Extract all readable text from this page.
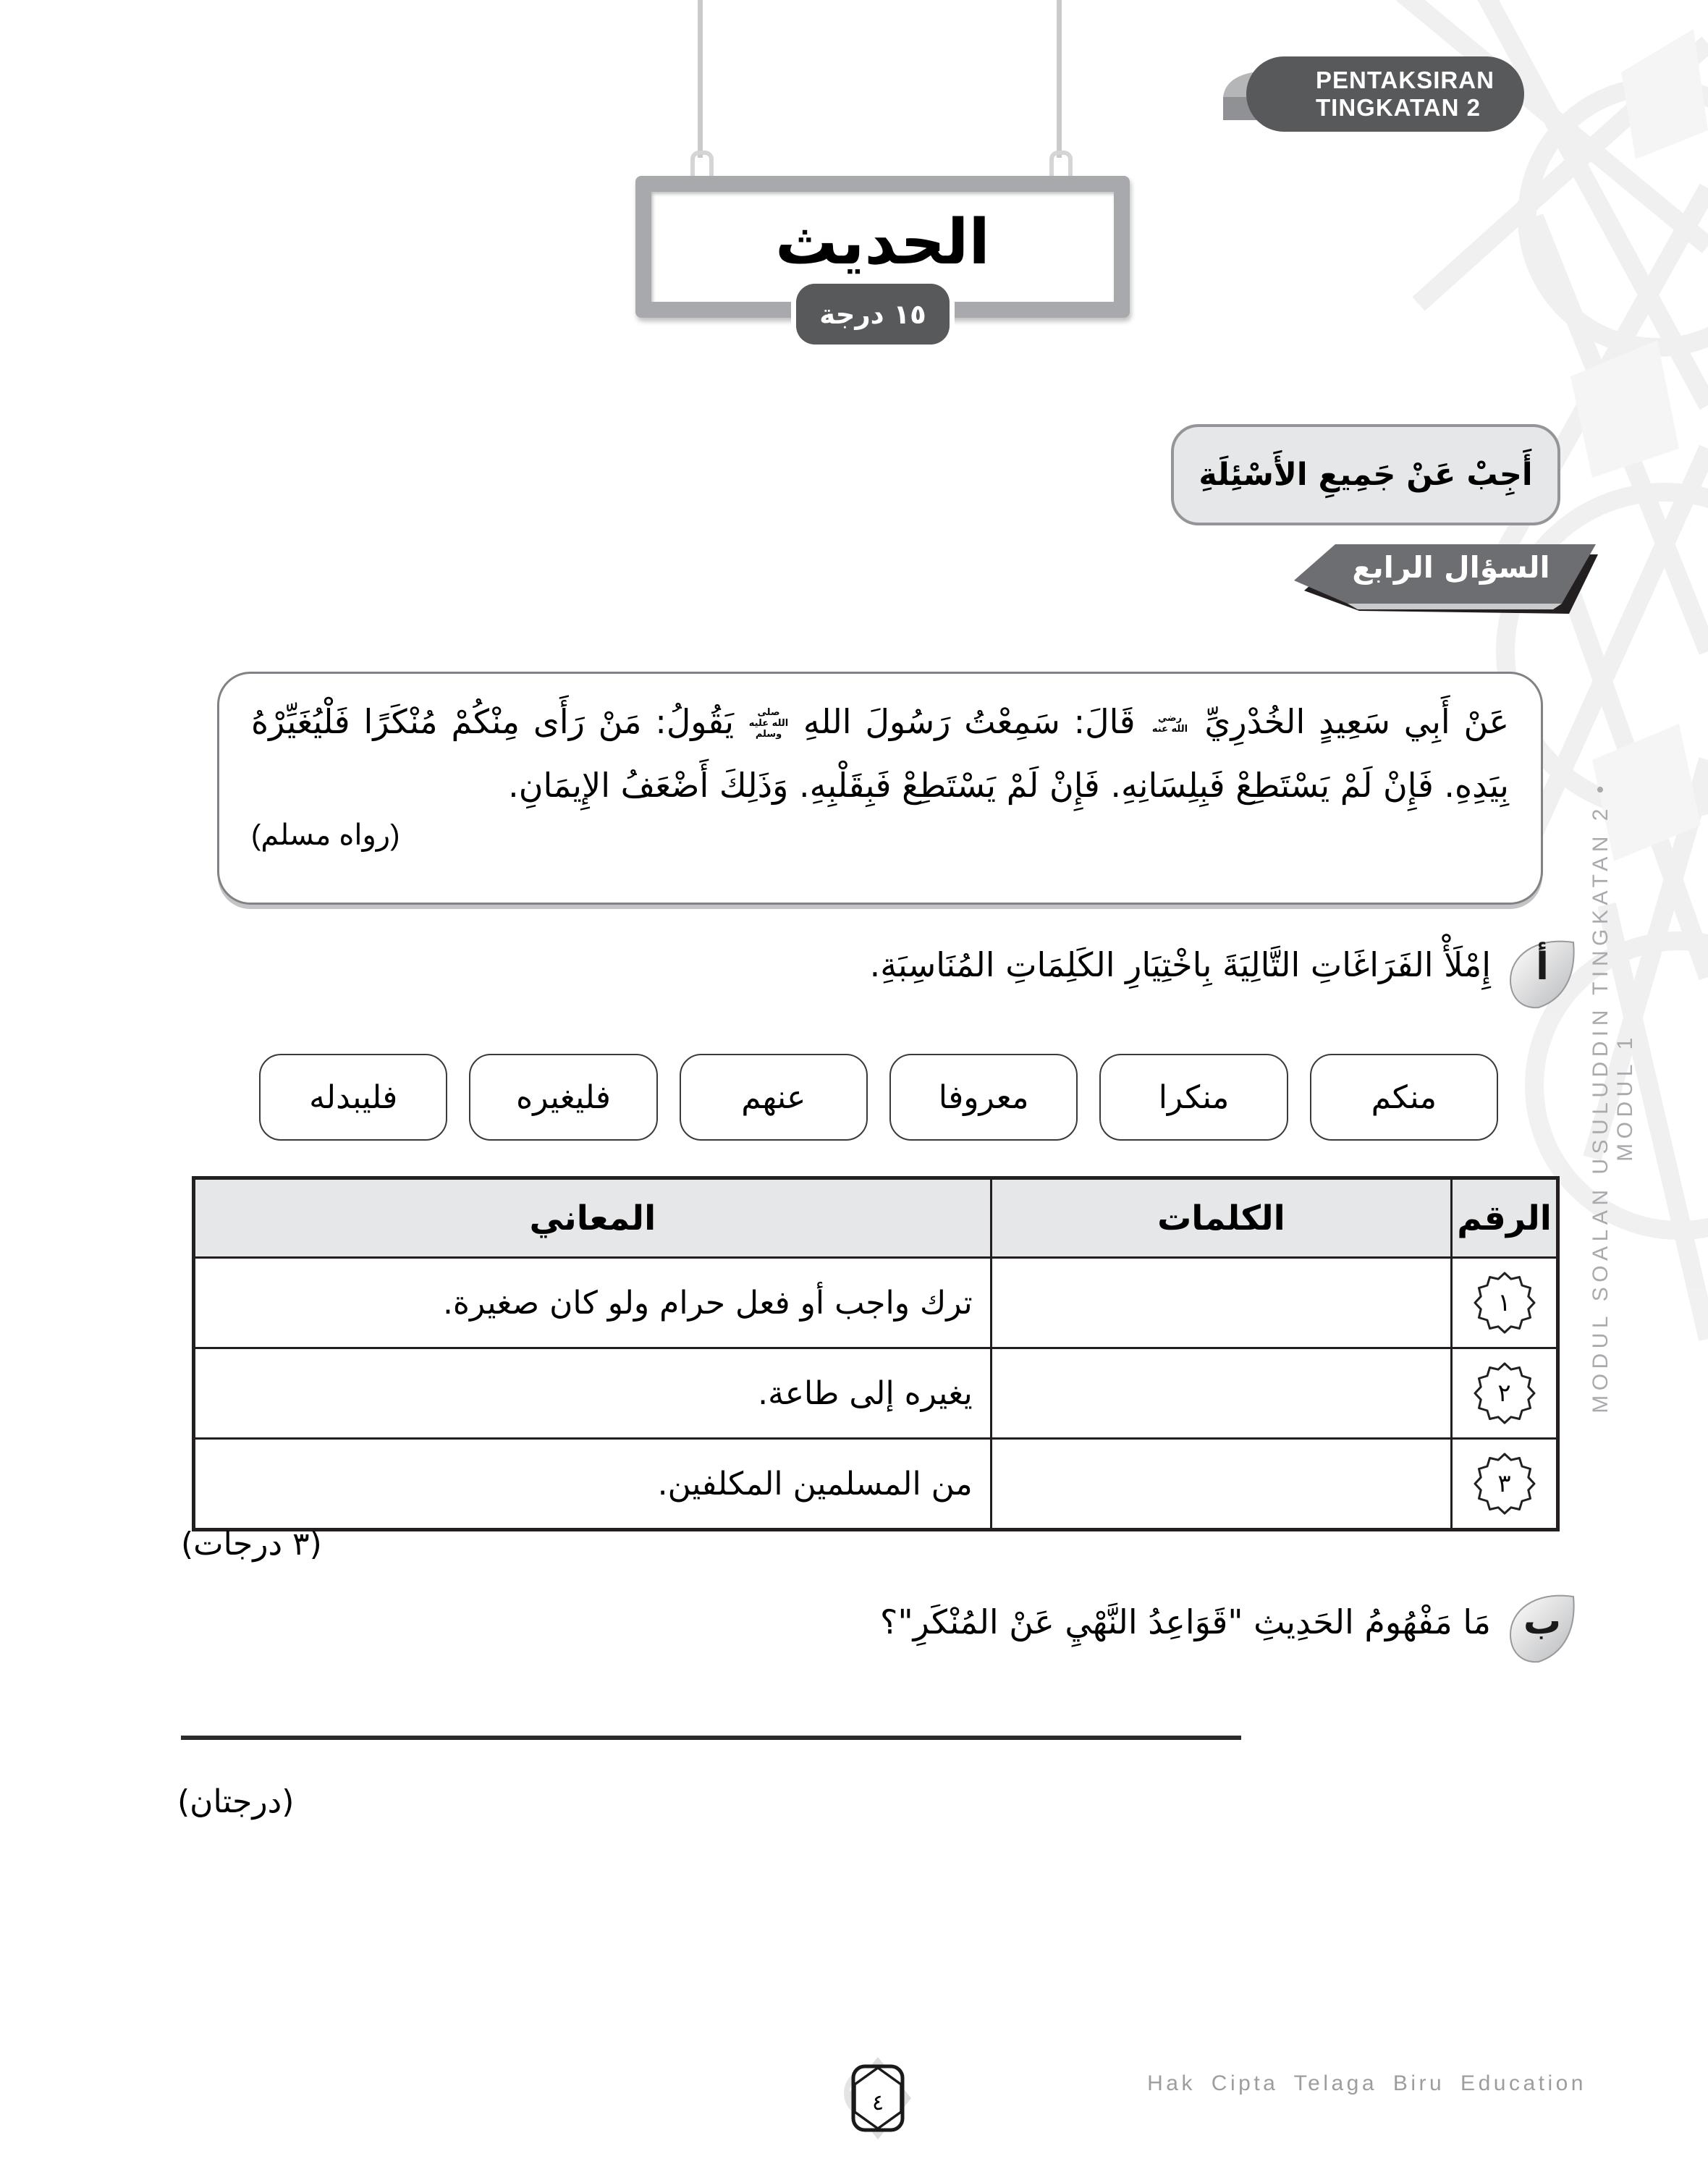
PENTAKSIRAN
TINGKATAN 2
الحديث
١٥ درجة
أَجِبْ عَنْ جَمِيعِ الأَسْئِلَةِ
السؤال الرابع

عَنْ أَبِي سَعِيدٍ الخُدْرِيِّ رضي الله عنه قَالَ: سَمِعْتُ رَسُولَ اللهِ صلى الله عليه وسلم يَقُولُ: مَنْ رَأَى مِنْكُمْ مُنْكَرًا فَلْيُغَيِّرْهُ بِيَدِهِ. فَإِنْ لَمْ يَسْتَطِعْ فَبِلِسَانِهِ. فَإِنْ لَمْ يَسْتَطِعْ فَبِقَلْبِهِ. وَذَلِكَ أَضْعَفُ الإِيمَانِ.

(رواه مسلم)
أ
إِمْلَأْ الفَرَاغَاتِ التَّالِيَةَ بِاخْتِيَارِ الكَلِمَاتِ المُنَاسِبَةِ.
منكم
منكرا
معروفا
عنهم
فليغيره
فليبدله
الرقم	الكلمات	المعاني

١		ترك واجب أو فعل حرام ولو كان صغيرة.

٢		يغيره إلى طاعة.

٣		من المسلمين المكلفين.
(٣ درجات)
ب
مَا مَفْهُومُ الحَدِيثِ "قَوَاعِدُ النَّهْيِ عَنْ المُنْكَرِ"؟
(درجتان)
٤
Hak Cipta Telaga Biru Education
MODUL SOALAN USULUDDIN TINGKATAN 2 • MODUL 1
